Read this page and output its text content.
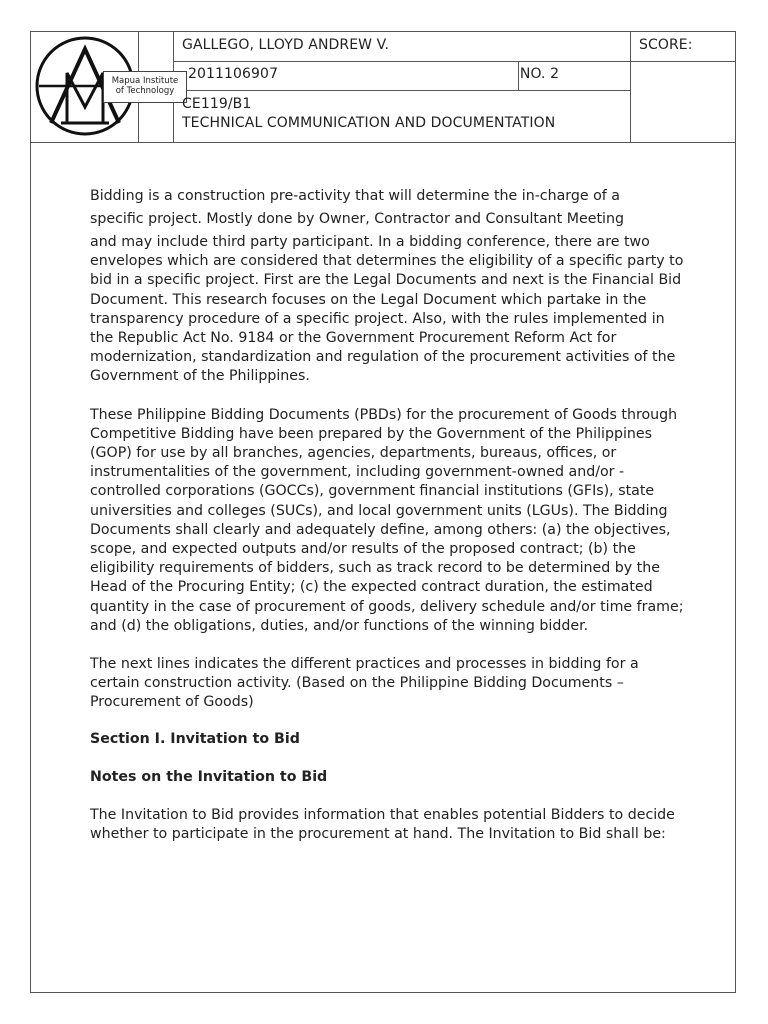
Mapua Institute
of Technology
GALLEGO, LLOYD ANDREW V.	SCORE:
20‌11106907	 NO. 2
CE119/B1
TECHNICAL COMMUNICATION AND DOCUMENTATION

Bidding is a construction pre-activity that will determine the in-charge of a

specific project. Mostly done by Owner, Contractor and Consultant Meeting

and may include third party participant. In a bidding conference, there are two envelopes which are considered that determines the eligibility of a specific party to bid in a specific project. First are the Legal Documents and next is the Financial Bid Document. This research focuses on the Legal Document which partake in the transparency procedure of a specific project. Also, with the rules implemented in the Republic Act No. 9184 or the Government Procurement Reform Act for modernization, standardization and regulation of the procurement activities of the Government of the Philippines.

These Philippine Bidding Documents (PBDs) for the procurement of Goods through Competitive Bidding have been prepared by the Government of the Philippines (GOP) for use by all branches, agencies, departments, bureaus, offices, or instrumentalities of the government, including government-owned and/or -controlled corporations (GOCCs), government financial institutions (GFIs), state universities and colleges (SUCs), and local government units (LGUs). The Bidding Documents shall clearly and adequately define, among others: (a) the objectives, scope, and expected outputs and/or results of the proposed contract; (b) the eligibility requirements of bidders, such as track record to be determined by the Head of the Procuring Entity; (c) the expected contract duration, the estimated quantity in the case of procurement of goods, delivery schedule and/or time frame; and (d) the obligations, duties, and/or functions of the winning bidder.

The next lines indicates the different practices and processes in bidding for a certain construction activity. (Based on the Philippine Bidding Documents – Procurement of Goods)

Section I. Invitation to Bid

Notes on the Invitation to Bid

The Invitation to Bid provides information that enables potential Bidders to decide whether to participate in the procurement at hand. The Invitation to Bid shall be:
